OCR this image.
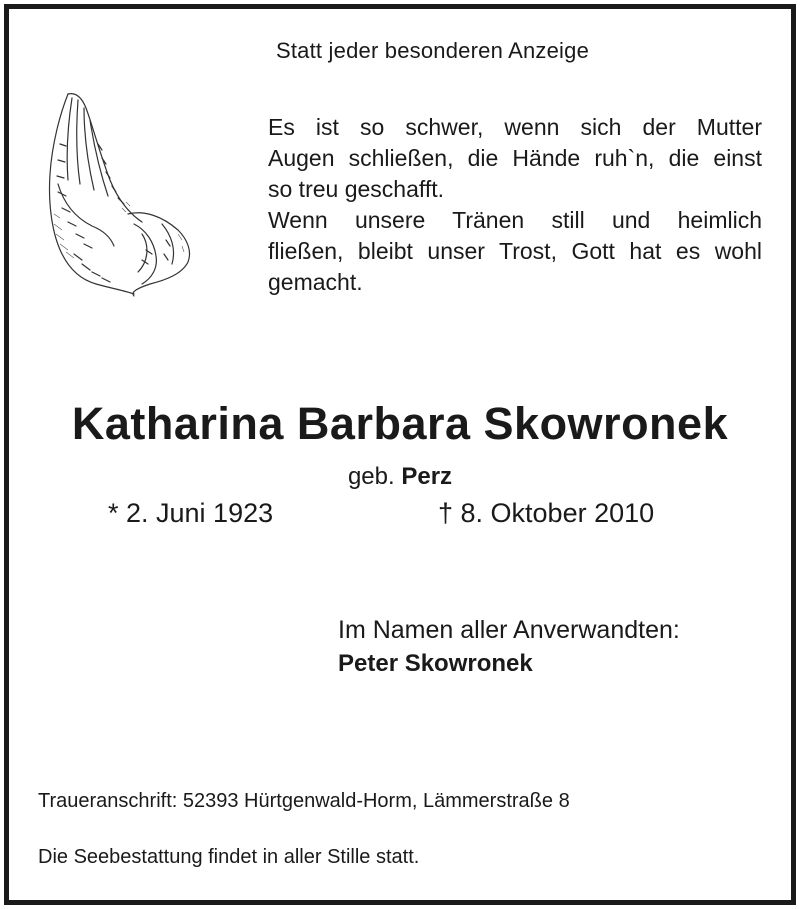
Statt jeder besonderen Anzeige
Es ist so schwer, wenn sich der Mutter
Augen schließen, die Hände ruh`n, die einst
so treu geschafft.
Wenn unsere Tränen still und heimlich
fließen, bleibt unser Trost, Gott hat es wohl
gemacht.
Katharina Barbara Skowronek
geb. Perz
* 2. Juni 1923	† 8. Oktober 2010
Im Namen aller Anverwandten:
Peter Skowronek
Traueranschrift: 52393 Hürtgenwald-Horm, Lämmerstraße 8
Die Seebestattung findet in aller Stille statt.
